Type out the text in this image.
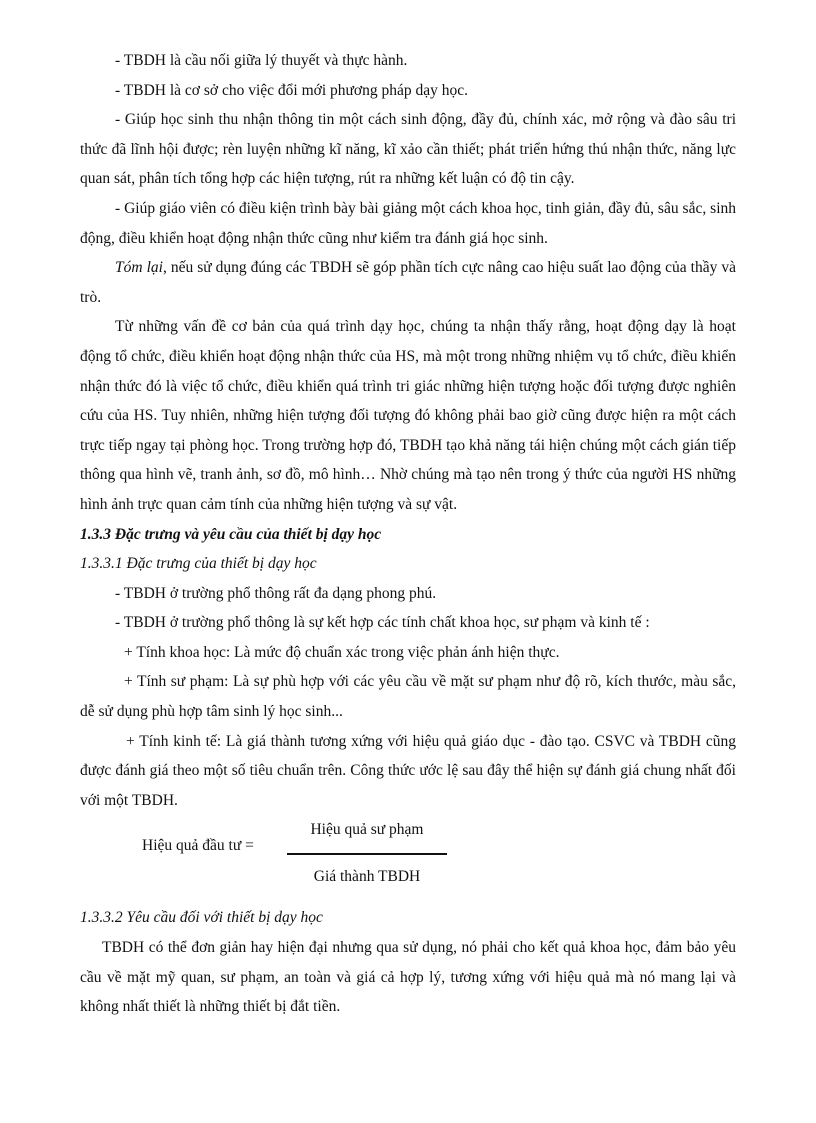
- TBDH là cầu nối giữa lý thuyết và thực hành.

- TBDH là cơ sở cho việc đổi mới phương pháp dạy học.

- Giúp học sinh thu nhận thông tin một cách sinh động, đầy đủ, chính xác, mở rộng và đào sâu tri thức đã lĩnh hội được; rèn luyện những kĩ năng, kĩ xảo cần thiết; phát triển hứng thú nhận thức, năng lực quan sát, phân tích tổng hợp các hiện tượng, rút ra những kết luận có độ tin cậy.

- Giúp giáo viên có điều kiện trình bày bài giảng một cách khoa học, tinh giản, đầy đủ, sâu sắc, sinh động, điều khiển hoạt động nhận thức cũng như kiểm tra đánh giá học sinh.

Tóm lại, nếu sử dụng đúng các TBDH sẽ góp phần tích cực nâng cao hiệu suất lao động của thầy và trò.

Từ những vấn đề cơ bản của quá trình dạy học, chúng ta nhận thấy rằng, hoạt động dạy là hoạt động tổ chức, điều khiển hoạt động nhận thức của HS, mà một trong những nhiệm vụ tổ chức, điều khiển nhận thức đó là việc tổ chức, điều khiển quá trình tri giác những hiện tượng hoặc đối tượng được nghiên cứu của HS. Tuy nhiên, những hiện tượng đối tượng đó không phải bao giờ cũng được hiện ra một cách trực tiếp ngay tại phòng học. Trong trường hợp đó, TBDH tạo khả năng tái hiện chúng một cách gián tiếp thông qua hình vẽ, tranh ảnh, sơ đồ, mô hình… Nhờ chúng mà tạo nên trong ý thức của người HS những hình ảnh trực quan cảm tính của những hiện tượng và sự vật.

1.3.3 Đặc trưng và yêu cầu của thiết bị dạy học

1.3.3.1 Đặc trưng của thiết bị dạy học

- TBDH ở trường phổ thông rất đa dạng phong phú.

- TBDH ở trường phổ thông là sự kết hợp các tính chất khoa học, sư phạm và kinh tế :

+ Tính khoa học: Là mức độ chuẩn xác trong việc phản ánh hiện thực.

+ Tính sư phạm: Là sự phù hợp với các yêu cầu về mặt sư phạm như độ rõ, kích thước, màu sắc, dễ sử dụng phù hợp tâm sinh lý học sinh...

+ Tính kinh tế: Là giá thành tương xứng với hiệu quả giáo dục - đào tạo. CSVC và TBDH cũng được đánh giá theo một số tiêu chuẩn trên. Công thức ước lệ sau đây thể hiện sự đánh giá chung nhất đối với một TBDH.

Hiệu quả đầu tư =
Hiệu quả sư phạm
Giá thành TBDH

1.3.3.2 Yêu cầu đối với thiết bị dạy học

TBDH có thể đơn giản hay hiện đại nhưng qua sử dụng, nó phải cho kết quả khoa học, đảm bảo yêu cầu về mặt mỹ quan, sư phạm, an toàn và giá cả hợp lý, tương xứng với hiệu quả mà nó mang lại và không nhất thiết là những thiết bị đắt tiền.
